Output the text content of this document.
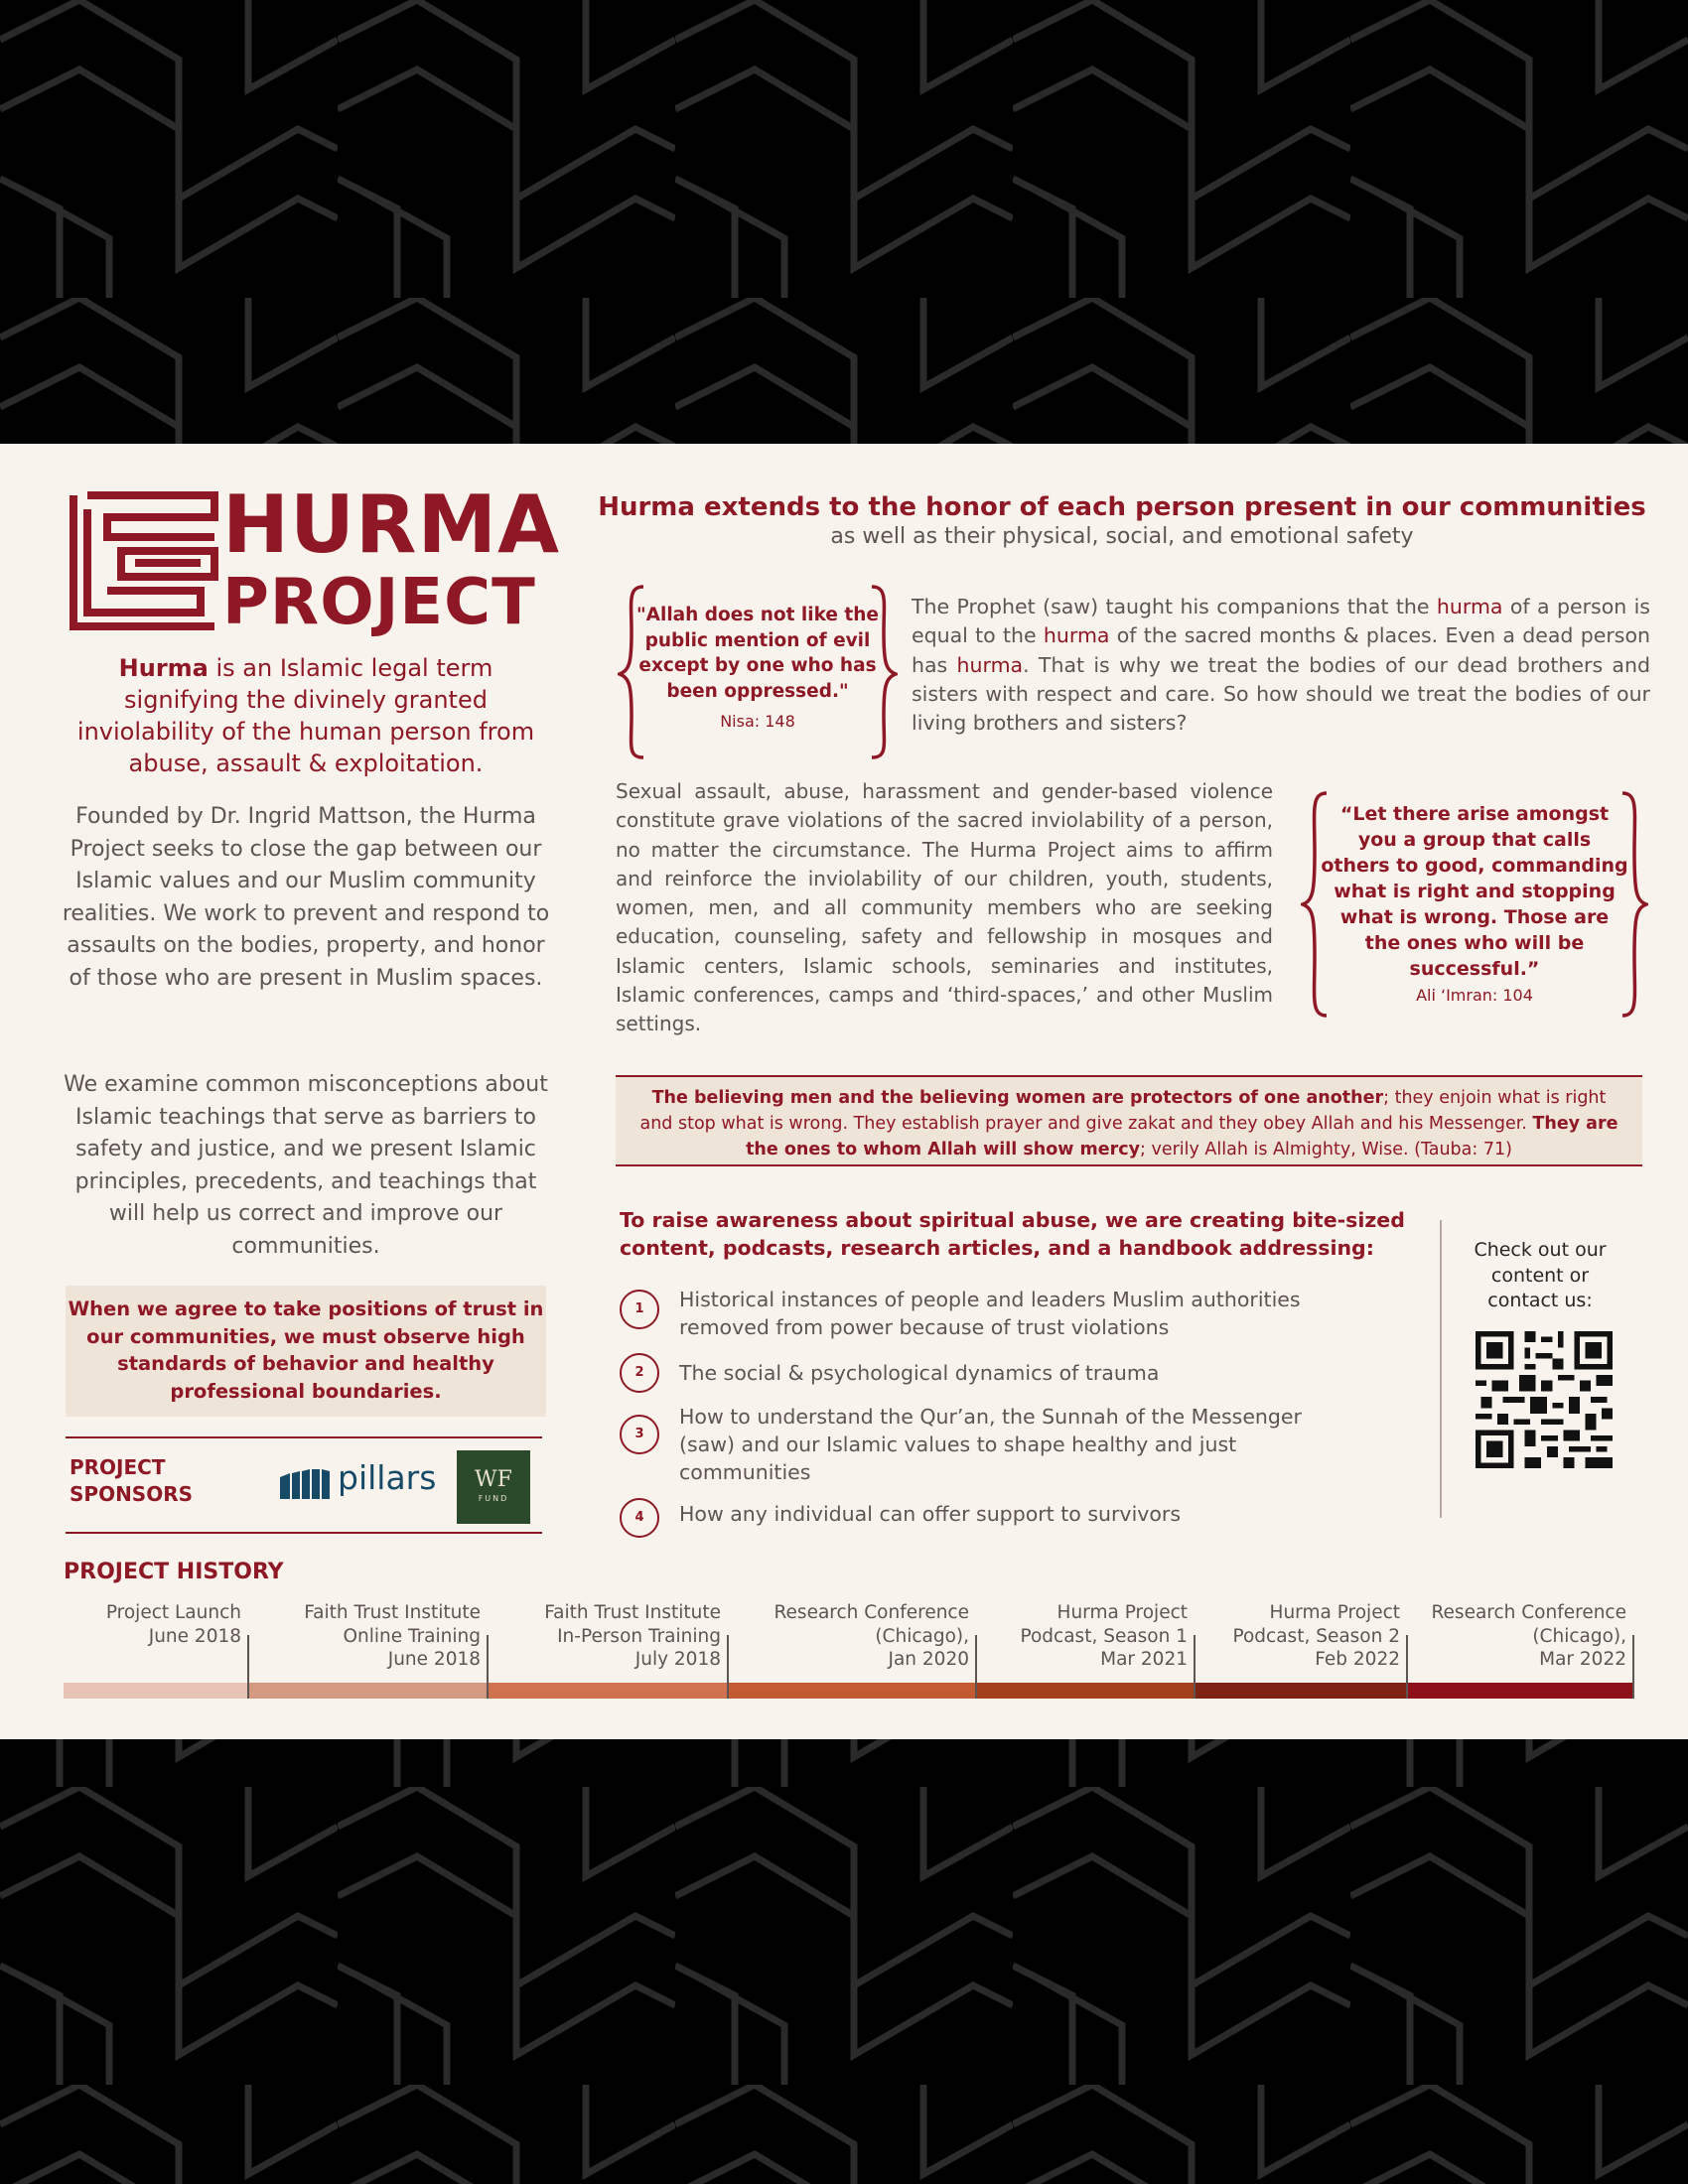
HURMA
PROJECT
Hurma is an Islamic legal term signifying the divinely granted inviolability of the human person from abuse, assault & exploitation.
Founded by Dr. Ingrid Mattson, the Hurma Project seeks to close the gap between our Islamic values and our Muslim community realities. We work to prevent and respond to assaults on the bodies, property, and honor of those who are present in Muslim spaces.
We examine common misconceptions about Islamic teachings that serve as barriers to safety and justice, and we present Islamic principles, precedents, and teachings that will help us correct and improve our communities.
When we agree to take positions of trust in our communities, we must observe high standards of behavior and healthy professional boundaries.
PROJECT
SPONSORS	pillars	WF
FUND
Hurma extends to the honor of each person present in our communities
as well as their physical, social, and emotional safety
"Allah does not like the public mention of evil except by one who has been oppressed."
Nisa: 148
The Prophet (saw) taught his companions that the hurma of a person is equal to the hurma of the sacred months & places. Even a dead person has hurma. That is why we treat the bodies of our dead brothers and sisters with respect and care. So how should we treat the bodies of our living brothers and sisters?
Sexual assault, abuse, harassment and gender-based violence constitute grave violations of the sacred inviolability of a person, no matter the circumstance. The Hurma Project aims to affirm and reinforce the inviolability of our children, youth, students, women, men, and all community members who are seeking education, counseling, safety and fellowship in mosques and Islamic centers, Islamic schools, seminaries and institutes, Islamic conferences, camps and ‘third-spaces,’ and other Muslim settings.
“Let there arise amongst you a group that calls others to good, commanding what is right and stopping what is wrong. Those are the ones who will be successful.”
Ali ‘Imran: 104
The believing men and the believing women are protectors of one another; they enjoin what is right and stop what is wrong. They establish prayer and give zakat and they obey Allah and his Messenger. They are the ones to whom Allah will show mercy; verily Allah is Almighty, Wise. (Tauba: 71)
To raise awareness about spiritual abuse, we are creating bite-sized content, podcasts, research articles, and a handbook addressing:
1	Historical instances of people and leaders Muslim authorities removed from power because of trust violations
2	The social & psychological dynamics of trauma
3
How to understand the Qur’an, the Sunnah of the Messenger (saw) and our Islamic values to shape healthy and just communities
4	How any individual can offer support to survivors
Check out our content or contact us:
PROJECT HISTORY
Project Launch
June 2018
Faith Trust Institute
Online Training
June 2018
Faith Trust Institute
In-Person Training
July 2018
Research Conference
(Chicago),
Jan 2020
Hurma Project
Podcast, Season 1
Mar 2021
Hurma Project
Podcast, Season 2
Feb 2022
Research Conference
(Chicago),
Mar 2022
